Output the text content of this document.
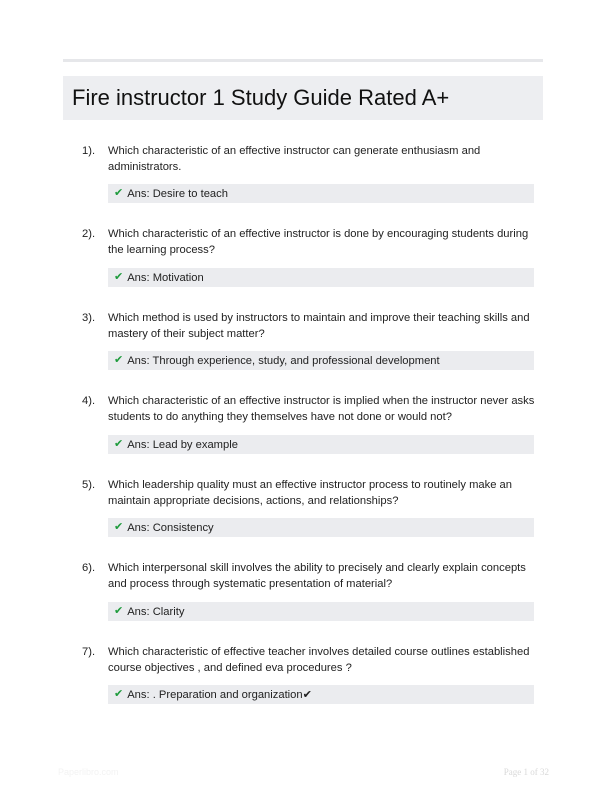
Fire instructor 1 Study Guide Rated A+
1). Which characteristic of an effective instructor can generate enthusiasm and administrators.
✔ Ans: Desire to teach
2). Which characteristic of an effective instructor is done by encouraging students during the learning process?
✔ Ans: Motivation
3). Which method is used by instructors to maintain and improve their teaching skills and mastery of their subject matter?
✔ Ans: Through experience, study, and professional development
4). Which characteristic of an effective instructor is implied when the instructor never asks students to do anything they themselves have not done or would not?
✔ Ans: Lead by example
5). Which leadership quality must an effective instructor process to routinely make an maintain appropriate decisions, actions, and relationships?
✔ Ans: Consistency
6). Which interpersonal skill involves the ability to precisely and clearly explain concepts and process through systematic presentation of material?
✔ Ans: Clarity
7). Which characteristic of effective teacher involves detailed course outlines established course objectives , and defined eva procedures ?
✔ Ans: . Preparation and organization✔
Paperlibro.com	Page 1 of 32
